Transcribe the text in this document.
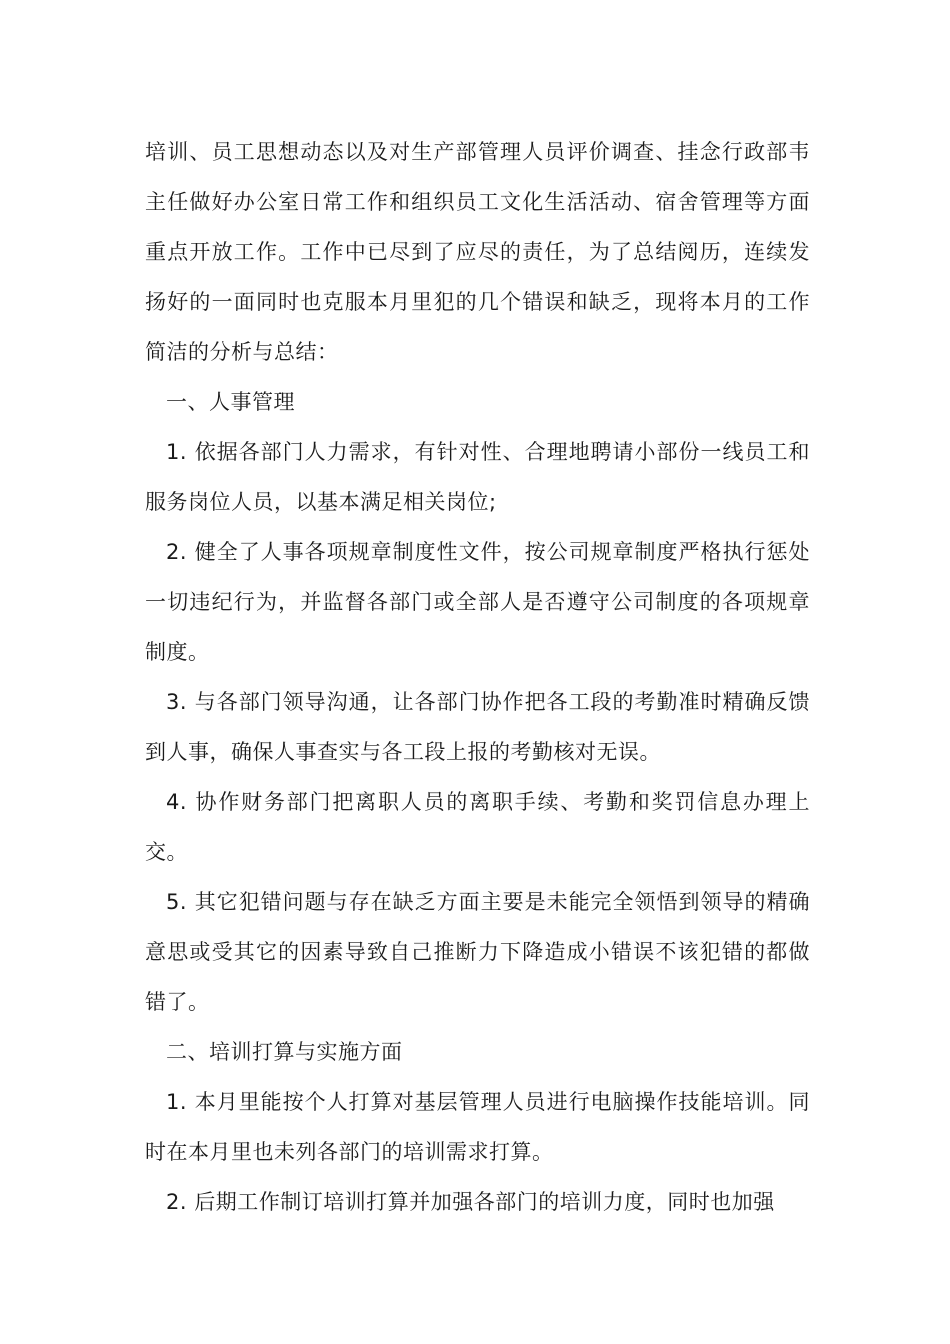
培训、员工思想动态以及对生产部管理人员评价调查、挂念行政部韦主任做好办公室日常工作和组织员工文化生活活动、宿舍管理等方面重点开放工作。工作中已尽到了应尽的责任，为了总结阅历，连续发扬好的一面同时也克服本月里犯的几个错误和缺乏，现将本月的工作简洁的分析与总结：

一、人事管理

1. 依据各部门人力需求，有针对性、合理地聘请小部份一线员工和服务岗位人员，以基本满足相关岗位;

2. 健全了人事各项规章制度性文件，按公司规章制度严格执行惩处一切违纪行为，并监督各部门或全部人是否遵守公司制度的各项规章制度。

3. 与各部门领导沟通，让各部门协作把各工段的考勤准时精确反馈到人事，确保人事查实与各工段上报的考勤核对无误。

4. 协作财务部门把离职人员的离职手续、考勤和奖罚信息办理上交。

5. 其它犯错问题与存在缺乏方面主要是未能完全领悟到领导的精确意思或受其它的因素导致自己推断力下降造成小错误不该犯错的都做错了。

二、培训打算与实施方面

1. 本月里能按个人打算对基层管理人员进行电脑操作技能培训。同时在本月里也未列各部门的培训需求打算。

2. 后期工作制订培训打算并加强各部门的培训力度，同时也加强
